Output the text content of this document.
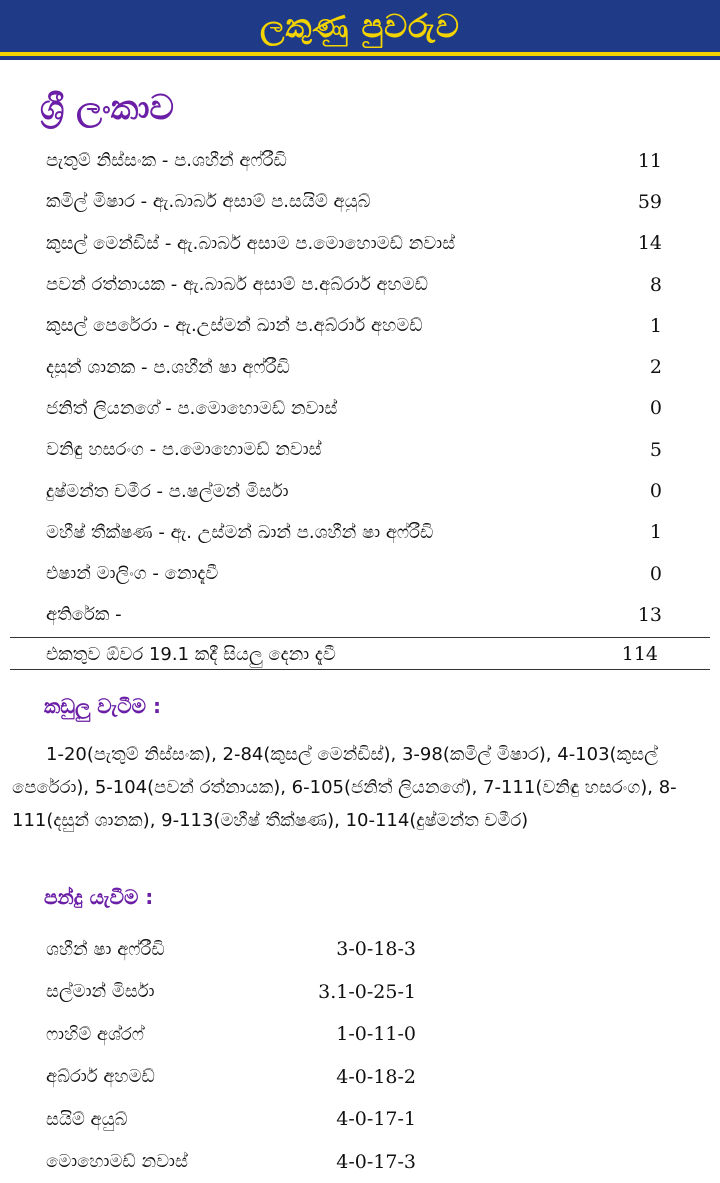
ලකුණු පුවරුව
ශ්‍රී ලංකාව
පැතුම් නිස්සංක - ප.ශහීන් අෆ්රීඩි	11
කමිල් මිෂාර - ඇ.බාබර් අසාම් ප.සයිම් අයුබ්	59
කුසල් මෙන්ඩිස් - ඇ.බාබර් අසාම ප.මොහොමඩ් නවාස්	14
පවන් රත්නායක - ඇ.බාබර් අසාම් ප.අබ්රාර් අහමඩ්	8
කුසල් පෙරේරා - ඇ.උස්මන් ඛාන් ප.අබ්රාර් අහමඩ්	1
දසුන් ශානක - ප.ශහීන් ෂා අෆ්රීඩි	2
ජනිත් ලියනගේ - ප.මොහොමඩ් නවාස්	0
වනිඳු හසරංග - ප.මොහොමඩ් නවාස්	5
දුෂ්මන්ත චමීර - ප.ෂල්මන් මිර්සා	0
මහීෂ් තීක්ෂණ - ඇ. උස්මන් ඛාන් ප.ශහීන් ෂා අෆ්රීඩි	1
එෂාන් මාලිංග - නොදැවී	0
අතිරේක -	13
එකතුව ඕවර 19.1 කදී සියලු දෙනා දැවී	114
කඩුලු වැටීම :
1-20(පැතුම් නිස්සංක), 2-84(කුසල් මෙන්ඩිස්), 3-98(කමිල් මිෂාර), 4-103(කුසල් පෙරේරා), 5-104(පවන් රත්නායක), 6-105(ජනිත් ලියනගේ), 7-111(වනිඳු හසරංග), 8-111(දසුන් ශානක), 9-113(මහීෂ් තීක්ෂණ), 10-114(දුෂ්මන්ත චමීර)
පන්දු යැවීම :
ශහීන් ෂා අෆ්රීඩි	3-0-18-3
සල්මාන් මිර්සා	3.1-0-25-1
ෆාහිම් අශ්රෆ්	1-0-11-0
අබ්රාර් අහමඩ්	4-0-18-2
සයිම් අයුබ්	4-0-17-1
මොහොමඩ් නවාස්	4-0-17-3
